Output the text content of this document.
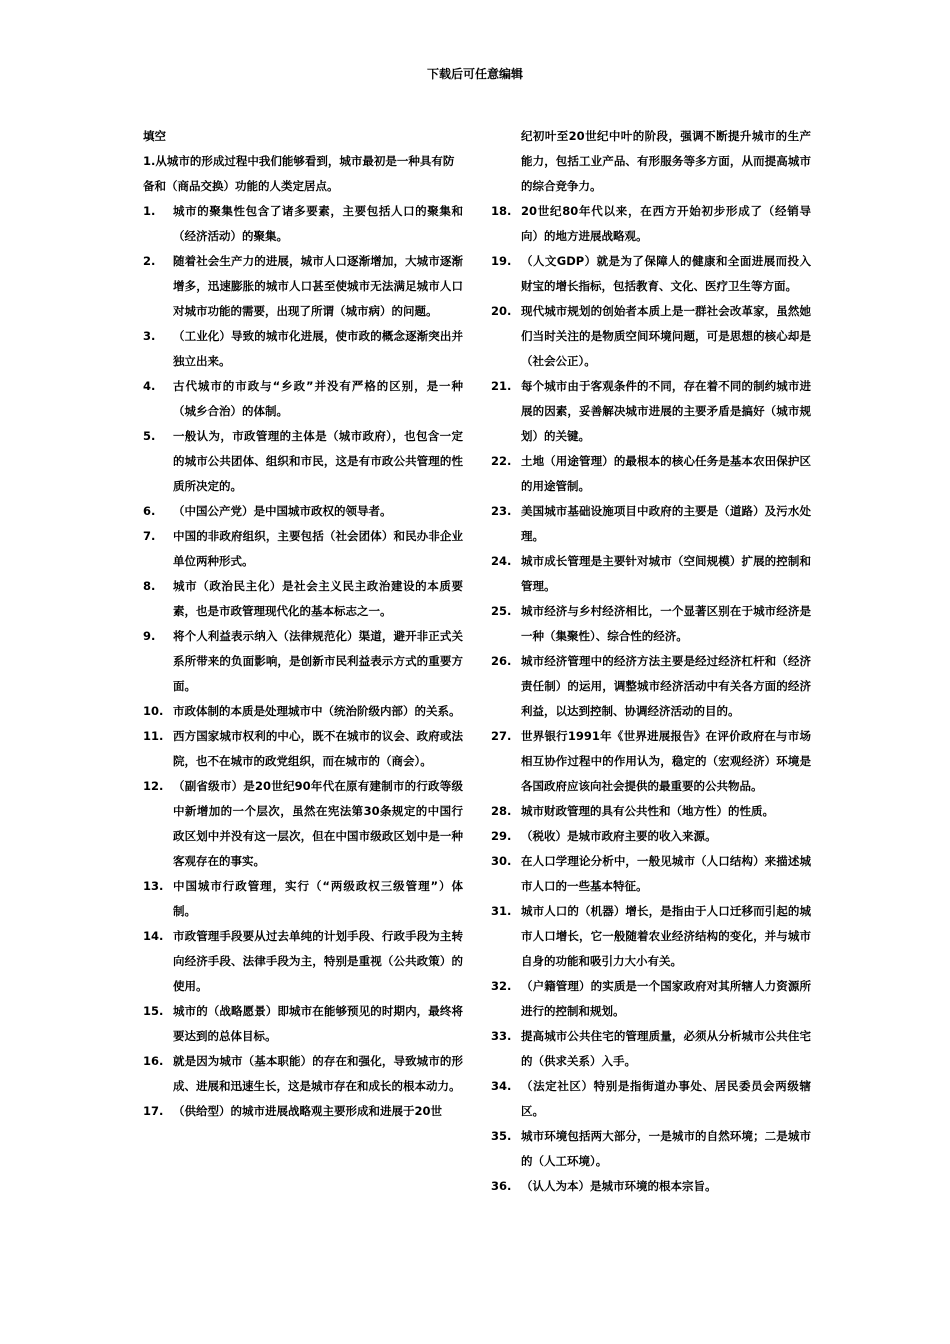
下载后可任意编辑
填空
1.从城市的形成过程中我们能够看到，城市最初是一种具有防备和（商品交换）功能的人类定居点。
1.	城市的聚集性包含了诸多要素，主要包括人口的聚集和（经济活动）的聚集。
2.	随着社会生产力的进展，城市人口逐渐增加，大城市逐渐增多，迅速膨胀的城市人口甚至使城市无法满足城市人口对城市功能的需要，出现了所谓（城市病）的问题。
3.	（工业化）导致的城市化进展，使市政的概念逐渐突出并独立出来。
4.	古代城市的市政与“乡政”并没有严格的区别，是一种（城乡合治）的体制。
5.	一般认为，市政管理的主体是（城市政府），也包含一定的城市公共团体、组织和市民，这是有市政公共管理的性质所决定的。
6.	（中国公产党）是中国城市政权的领导者。
7.	中国的非政府组织，主要包括（社会团体）和民办非企业单位两种形式。
8.	城市（政治民主化）是社会主义民主政治建设的本质要素，也是市政管理现代化的基本标志之一。
9.	将个人利益表示纳入（法律规范化）渠道，避开非正式关系所带来的负面影响，是创新市民利益表示方式的重要方面。
10. 市政体制的本质是处理城市中（统治阶级内部）的关系。
11. 西方国家城市权利的中心，既不在城市的议会、政府或法院，也不在城市的政党组织，而在城市的（商会）。
12. （副省级市）是20世纪90年代在原有建制市的行政等级中新增加的一个层次，虽然在宪法第30条规定的中国行政区划中并没有这一层次，但在中国市级政区划中是一种客观存在的事实。
13. 中国城市行政管理，实行（“两级政权三级管理”）体制。
14. 市政管理手段要从过去单纯的计划手段、行政手段为主转向经济手段、法律手段为主，特别是重视（公共政策）的使用。
15. 城市的（战略愿景）即城市在能够预见的时期内，最终将要达到的总体目标。
16. 就是因为城市（基本职能）的存在和强化，导致城市的形成、进展和迅速生长，这是城市存在和成长的根本动力。
17. （供给型）的城市进展战略观主要形成和进展于20世
纪初叶至20世纪中叶的阶段，强调不断提升城市的生产能力，包括工业产品、有形服务等多方面，从而提高城市的综合竞争力。
18. 20世纪80年代以来，在西方开始初步形成了（经销导向）的地方进展战略观。
19. （人文GDP）就是为了保障人的健康和全面进展而投入财宝的增长指标，包括教育、文化、医疗卫生等方面。
20. 现代城市规划的创始者本质上是一群社会改革家，虽然她们当时关注的是物质空间环境问题，可是思想的核心却是（社会公正）。
21. 每个城市由于客观条件的不同，存在着不同的制约城市进展的因素，妥善解决城市进展的主要矛盾是搞好（城市规划）的关键。
22. 土地（用途管理）的最根本的核心任务是基本农田保护区的用途管制。
23. 美国城市基础设施项目中政府的主要是（道路）及污水处理。
24. 城市成长管理是主要针对城市（空间规模）扩展的控制和管理。
25. 城市经济与乡村经济相比，一个显著区别在于城市经济是一种（集聚性）、综合性的经济。
26. 城市经济管理中的经济方法主要是经过经济杠杆和（经济责任制）的运用，调整城市经济活动中有关各方面的经济利益，以达到控制、协调经济活动的目的。
27. 世界银行1991年《世界进展报告》在评价政府在与市场相互协作过程中的作用认为，稳定的（宏观经济）环境是各国政府应该向社会提供的最重要的公共物品。
28. 城市财政管理的具有公共性和（地方性）的性质。
29. （税收）是城市政府主要的收入来源。
30. 在人口学理论分析中，一般见城市（人口结构）来描述城市人口的一些基本特征。
31. 城市人口的（机器）增长，是指由于人口迁移而引起的城市人口增长，它一般随着农业经济结构的变化，并与城市自身的功能和吸引力大小有关。
32. （户籍管理）的实质是一个国家政府对其所辖人力资源所进行的控制和规划。
33. 提高城市公共住宅的管理质量，必须从分析城市公共住宅的（供求关系）入手。
34. （法定社区）特别是指街道办事处、居民委员会两级辖区。
35. 城市环境包括两大部分，一是城市的自然环境；二是城市的（人工环境）。
36. （认人为本）是城市环境的根本宗旨。
